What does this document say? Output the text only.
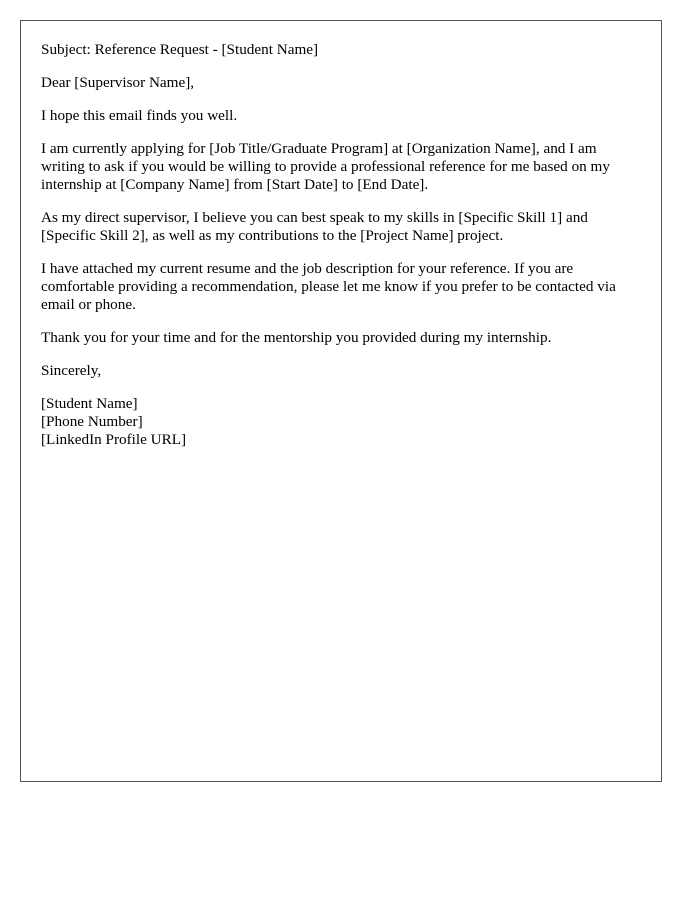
Subject: Reference Request - [Student Name]

Dear [Supervisor Name],

I hope this email finds you well.

I am currently applying for [Job Title/Graduate Program] at [Organization Name], and I am writing to ask if you would be willing to provide a professional reference for me based on my internship at [Company Name] from [Start Date] to [End Date].

As my direct supervisor, I believe you can best speak to my skills in [Specific Skill 1] and [Specific Skill 2], as well as my contributions to the [Project Name] project.

I have attached my current resume and the job description for your reference. If you are comfortable providing a recommendation, please let me know if you prefer to be contacted via email or phone.

Thank you for your time and for the mentorship you provided during my internship.

Sincerely,

[Student Name]
[Phone Number]
[LinkedIn Profile URL]
